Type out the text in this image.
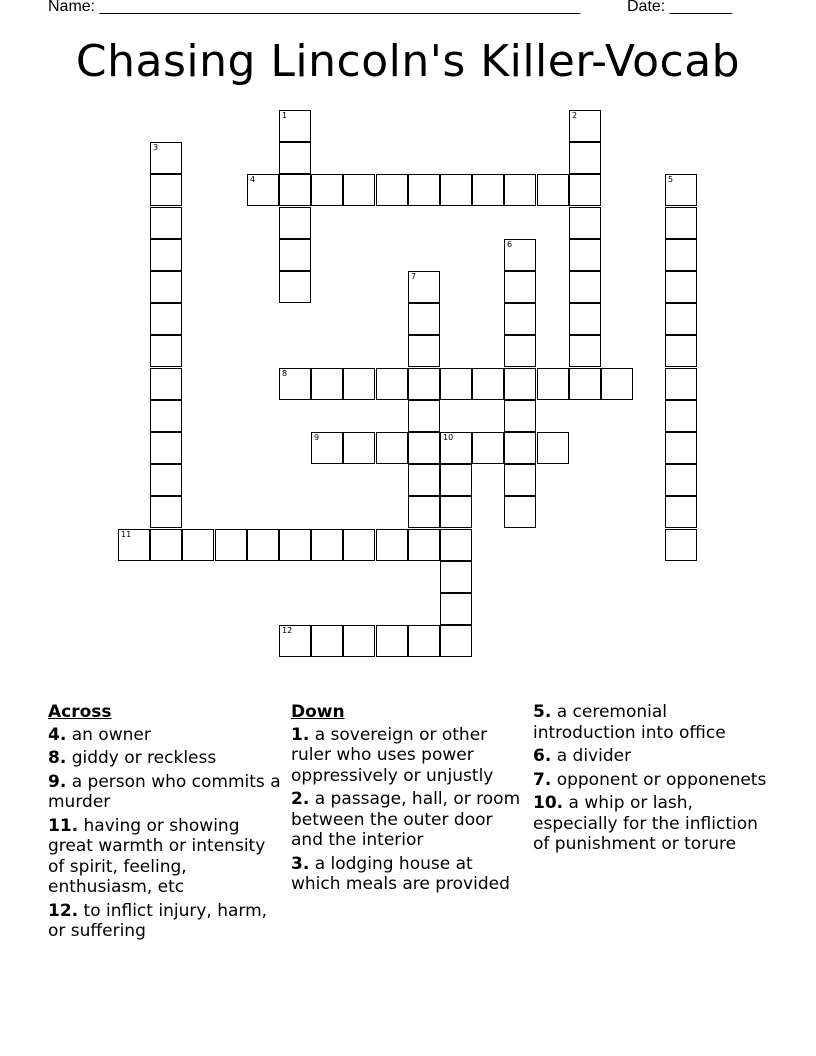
Name: ______________________________________________________	Date: _______
Chasing Lincoln's Killer-Vocab
1	2
3
4	5
6
7
8
9	10
11
12
Across
4. an owner
8. giddy or reckless
9. a person who commits a murder
11. having or showing great warmth or intensity of spirit, feeling, enthusiasm, etc
12. to inflict injury, harm, or suffering
Down
1. a sovereign or other ruler who uses power oppressively or unjustly
2. a passage, hall, or room between the outer door and the interior
3. a lodging house at which meals are provided
5. a ceremonial introduction into office
6. a divider
7. opponent or opponenets
10. a whip or lash, especially for the infliction of punishment or torure
